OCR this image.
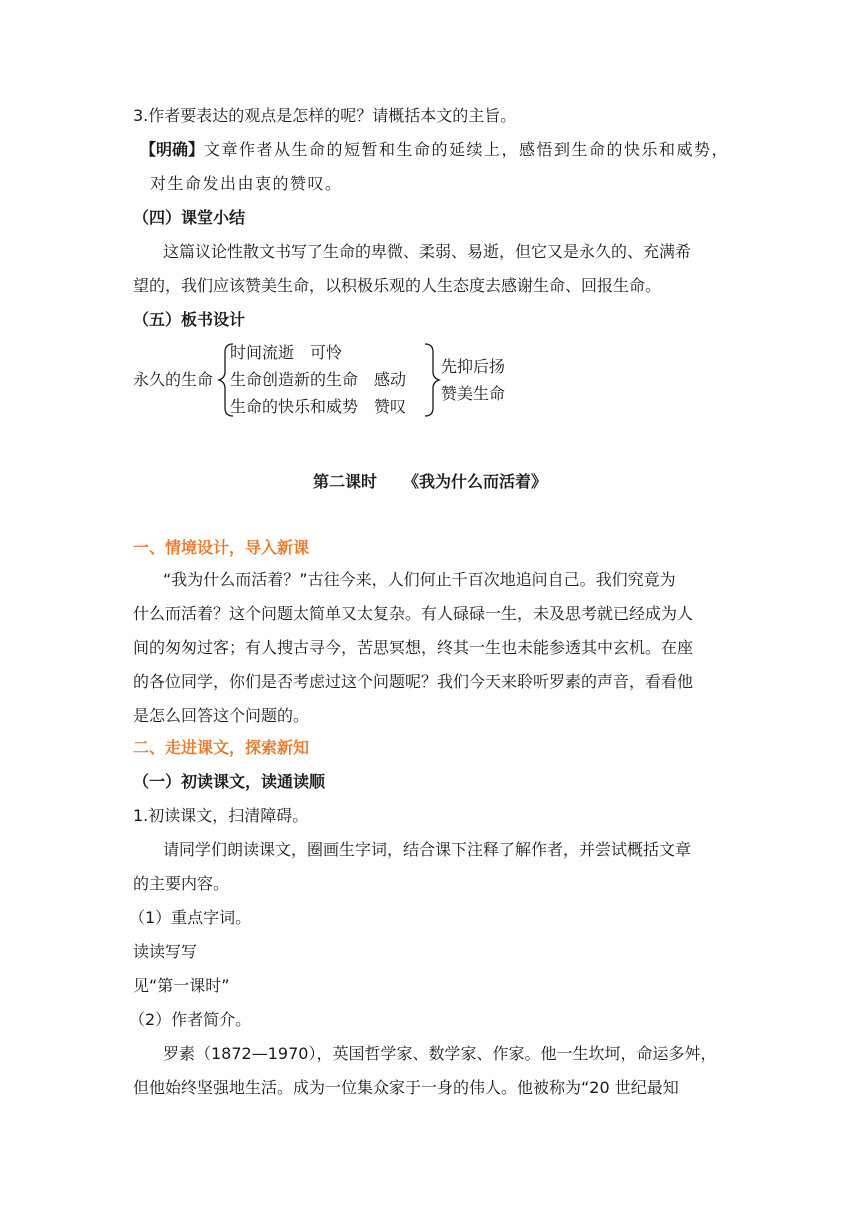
3.作者要表达的观点是怎样的呢？请概括本文的主旨。
【明确】文章作者从生命的短暂和生命的延续上，感悟到生命的快乐和威势，
对生命发出由衷的赞叹。
（四）课堂小结
这篇议论性散文书写了生命的卑微、柔弱、易逝，但它又是永久的、充满希
望的，我们应该赞美生命，以积极乐观的人生态度去感谢生命、回报生命。
（五）板书设计
永久的生命
时间流逝　可怜
生命创造新的生命　感动
生命的快乐和威势　赞叹
先抑后扬
赞美生命
第二课时 《我为什么而活着》
一、情境设计，导入新课
“我为什么而活着？”古往今来，人们何止千百次地追问自己。我们究竟为
什么而活着？这个问题太简单又太复杂。有人碌碌一生，未及思考就已经成为人
间的匆匆过客；有人搜古寻今，苦思冥想，终其一生也未能参透其中玄机。在座
的各位同学，你们是否考虑过这个问题呢？我们今天来聆听罗素的声音，看看他
是怎么回答这个问题的。
二、走进课文，探索新知
（一）初读课文，读通读顺
1.初读课文，扫清障碍。
请同学们朗读课文，圈画生字词，结合课下注释了解作者，并尝试概括文章
的主要内容。
（1）重点字词。
读读写写
见“第一课时”
（2）作者简介。
罗素（1872—1970），英国哲学家、数学家、作家。他一生坎坷，命运多舛，
但他始终坚强地生活。成为一位集众家于一身的伟人。他被称为“20 世纪最知
